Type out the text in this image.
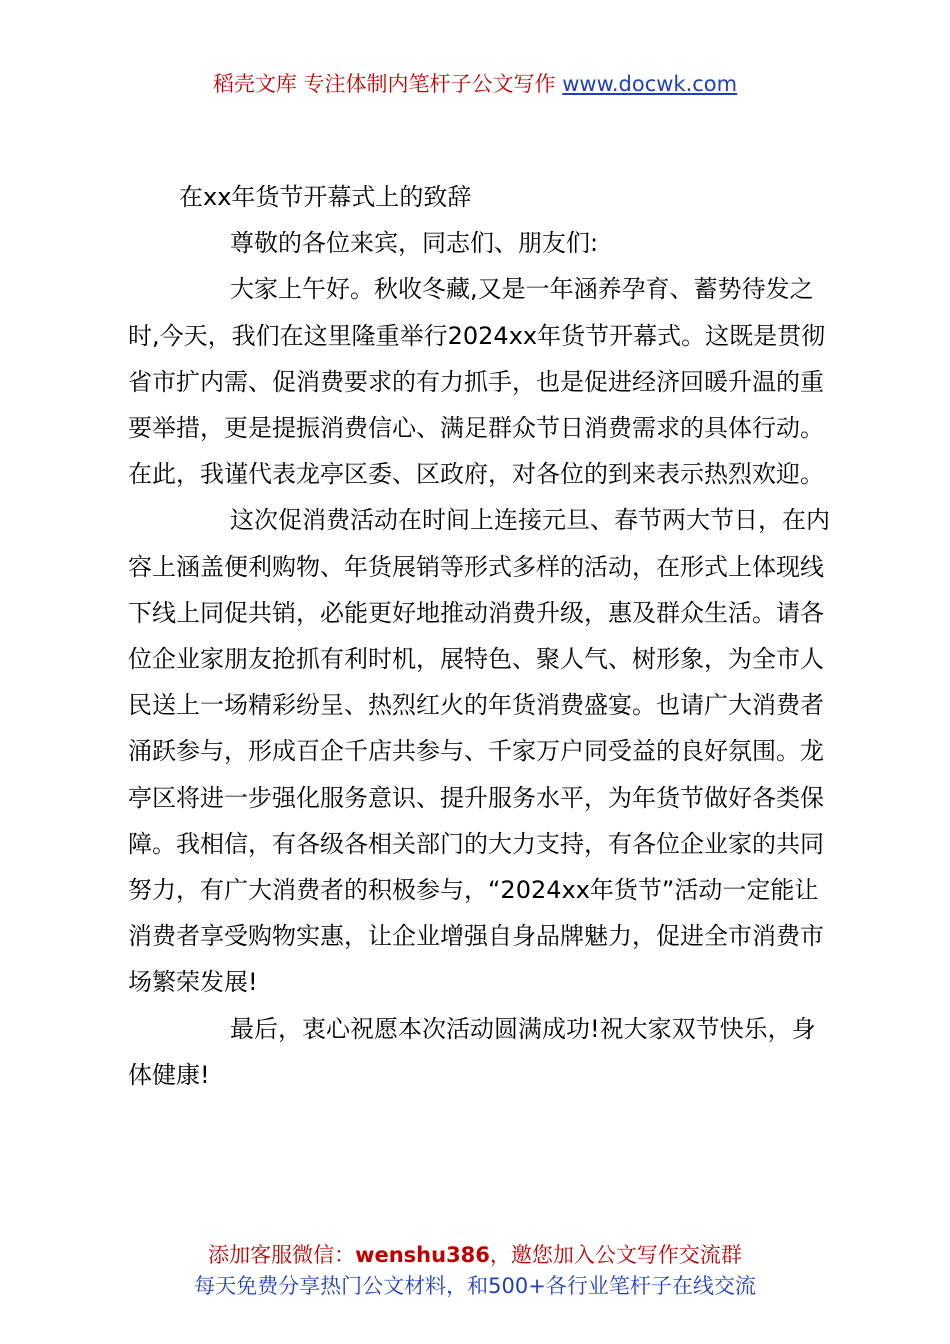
稻壳文库 专注体制内笔杆子公文写作 www.docwk.com

在xx年货节开幕式上的致辞

尊敬的各位来宾，同志们、朋友们:

大家上午好。秋收冬藏,又是一年涵养孕育、蓄势待发之时,今天，我们在这里隆重举行2024xx年货节开幕式。这既是贯彻省市扩内需、促消费要求的有力抓手，也是促进经济回暖升温的重要举措，更是提振消费信心、满足群众节日消费需求的具体行动。在此，我谨代表龙亭区委、区政府，对各位的到来表示热烈欢迎。

这次促消费活动在时间上连接元旦、春节两大节日，在内容上涵盖便利购物、年货展销等形式多样的活动，在形式上体现线下线上同促共销，必能更好地推动消费升级，惠及群众生活。请各位企业家朋友抢抓有利时机，展特色、聚人气、树形象，为全市人民送上一场精彩纷呈、热烈红火的年货消费盛宴。也请广大消费者涌跃参与，形成百企千店共参与、千家万户同受益的良好氛围。龙亭区将进一步强化服务意识、提升服务水平，为年货节做好各类保障。我相信，有各级各相关部门的大力支持，有各位企业家的共同努力，有广大消费者的积极参与，“2024xx年货节”活动一定能让消费者享受购物实惠，让企业增强自身品牌魅力，促进全市消费市场繁荣发展!

最后，衷心祝愿本次活动圆满成功!祝大家双节快乐，身体健康!

添加客服微信：wenshu386，邀您加入公文写作交流群
每天免费分享热门公文材料，和500+各行业笔杆子在线交流
